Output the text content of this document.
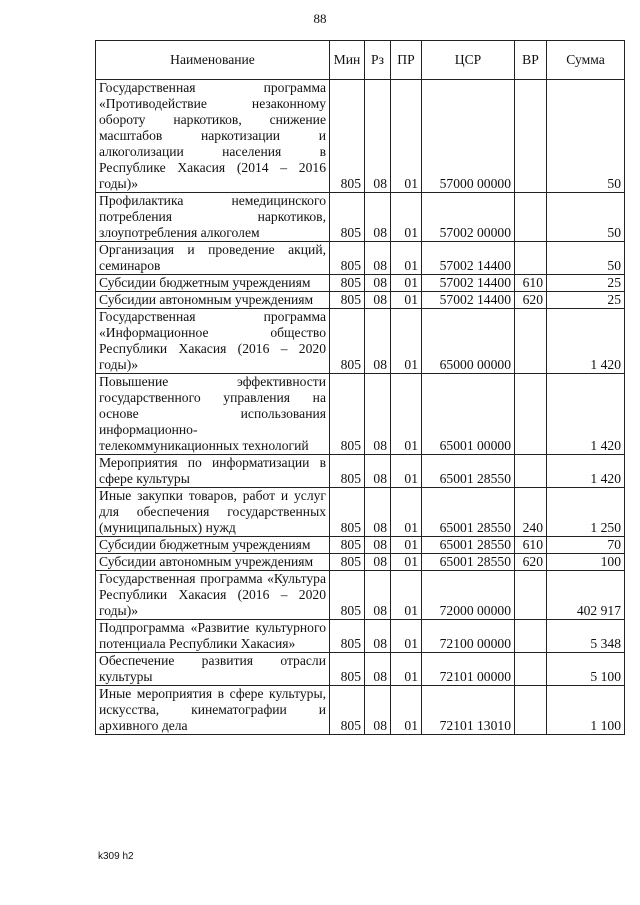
88
Наименование	Мин	Рз	ПР	ЦСР	ВР	Сумма
Государственная программа «Противодействие незаконному обороту наркотиков, снижение масштабов наркотизации и алкоголизации населения в Республике Хакасия (2014 – 2016 годы)»	805	08	01	57000 00000		50
Профилактика немедицинского потребления наркотиков, злоупотребления алкоголем	805	08	01	57002 00000		50
Организация и проведение акций, семинаров	805	08	01	57002 14400		50
Субсидии бюджетным учреждениям	805	08	01	57002 14400	610	25
Субсидии автономным учреждениям	805	08	01	57002 14400	620	25
Государственная программа «Информационное общество Республики Хакасия (2016 – 2020 годы)»	805	08	01	65000 00000		1 420
Повышение эффективности государственного управления на основе использования информационно-телекоммуникационных технологий	805	08	01	65001 00000		1 420
Мероприятия по информатизации в сфере культуры	805	08	01	65001 28550		1 420
Иные закупки товаров, работ и услуг для обеспечения государственных (муниципальных) нужд	805	08	01	65001 28550	240	1 250
Субсидии бюджетным учреждениям	805	08	01	65001 28550	610	70
Субсидии автономным учреждениям	805	08	01	65001 28550	620	100
Государственная программа «Культура Республики Хакасия (2016 – 2020 годы)»	805	08	01	72000 00000		402 917
Подпрограмма «Развитие культурного потенциала Республики Хакасия»	805	08	01	72100 00000		5 348
Обеспечение развития отрасли культуры	805	08	01	72101 00000		5 100
Иные мероприятия в сфере культуры, искусства, кинематографии и архивного дела	805	08	01	72101 13010		1 100
k309 h2
